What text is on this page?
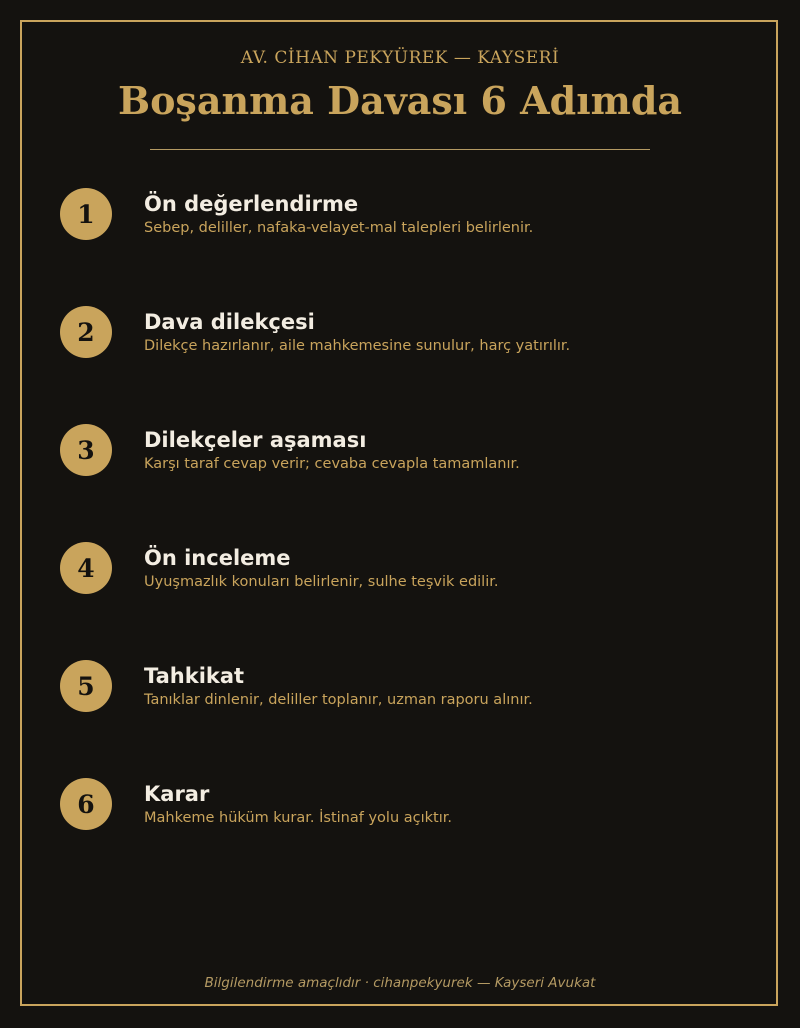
AV. CİHAN PEKYÜREK — KAYSERİ
Boşanma Davası 6 Adımda
1	Ön değerlendirme
Sebep, deliller, nafaka-velayet-mal talepleri belirlenir.
2	Dava dilekçesi
Dilekçe hazırlanır, aile mahkemesine sunulur, harç yatırılır.
3	Dilekçeler aşaması
Karşı taraf cevap verir; cevaba cevapla tamamlanır.
4	Ön inceleme
Uyuşmazlık konuları belirlenir, sulhe teşvik edilir.
5	Tahkikat
Tanıklar dinlenir, deliller toplanır, uzman raporu alınır.
6	Karar
Mahkeme hüküm kurar. İstinaf yolu açıktır.
Bilgilendirme amaçlıdır · cihanpekyurek — Kayseri Avukat
